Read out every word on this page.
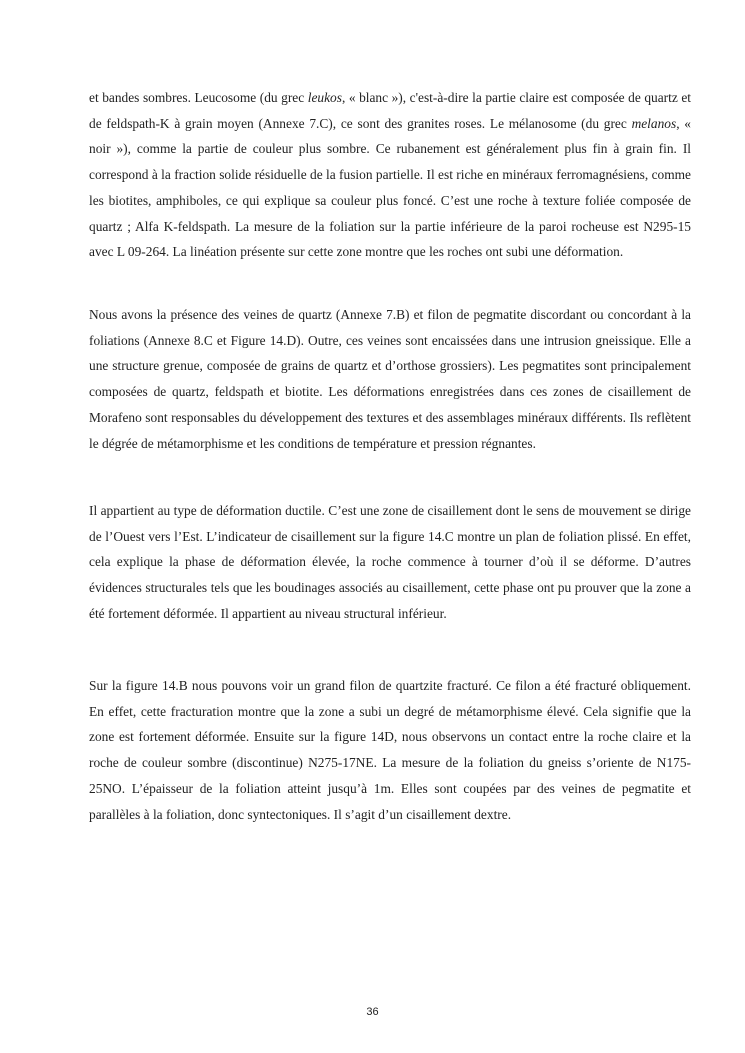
et bandes sombres. Leucosome (du grec leukos, « blanc »), c'est-à-dire la partie claire est composée de quartz et de feldspath-K à grain moyen (Annexe 7.C), ce sont des granites roses. Le mélanosome (du grec melanos, « noir »), comme la partie de couleur plus sombre. Ce rubanement est généralement plus fin à grain fin. Il correspond à la fraction solide résiduelle de la fusion partielle. Il est riche en minéraux ferromagnésiens, comme les biotites, amphiboles, ce qui explique sa couleur plus foncé. C’est une roche à texture foliée composée de quartz ; Alfa K-feldspath. La mesure de la foliation sur la partie inférieure de la paroi rocheuse est N295-15 avec L 09-264. La linéation présente sur cette zone montre que les roches ont subi une déformation.

Nous avons la présence des veines de quartz (Annexe 7.B) et filon de pegmatite discordant ou concordant à la foliations (Annexe 8.C et Figure 14.D). Outre, ces veines sont encaissées dans une intrusion gneissique. Elle a une structure grenue, composée de grains de quartz et d’orthose grossiers). Les pegmatites sont principalement composées de quartz, feldspath et biotite. Les déformations enregistrées dans ces zones de cisaillement de Morafeno sont responsables du développement des textures et des assemblages minéraux différents. Ils reflètent le dégrée de métamorphisme et les conditions de température et pression régnantes.

Il appartient au type de déformation ductile. C’est une zone de cisaillement dont le sens de mouvement se dirige de l’Ouest vers l’Est. L’indicateur de cisaillement sur la figure 14.C montre un plan de foliation plissé. En effet, cela explique la phase de déformation élevée, la roche commence à tourner d’où il se déforme. D’autres évidences structurales tels que les boudinages associés au cisaillement, cette phase ont pu prouver que la zone a été fortement déformée. Il appartient au niveau structural inférieur.

Sur la figure 14.B nous pouvons voir un grand filon de quartzite fracturé. Ce filon a été fracturé obliquement. En effet, cette fracturation montre que la zone a subi un degré de métamorphisme élevé. Cela signifie que la zone est fortement déformée. Ensuite sur la figure 14D, nous observons un contact entre la roche claire et la roche de couleur sombre (discontinue) N275-17NE. La mesure de la foliation du gneiss s’oriente de N175-25NO. L’épaisseur de la foliation atteint jusqu’à 1m. Elles sont coupées par des veines de pegmatite et parallèles à la foliation, donc syntectoniques. Il s’agit d’un cisaillement dextre.

36
